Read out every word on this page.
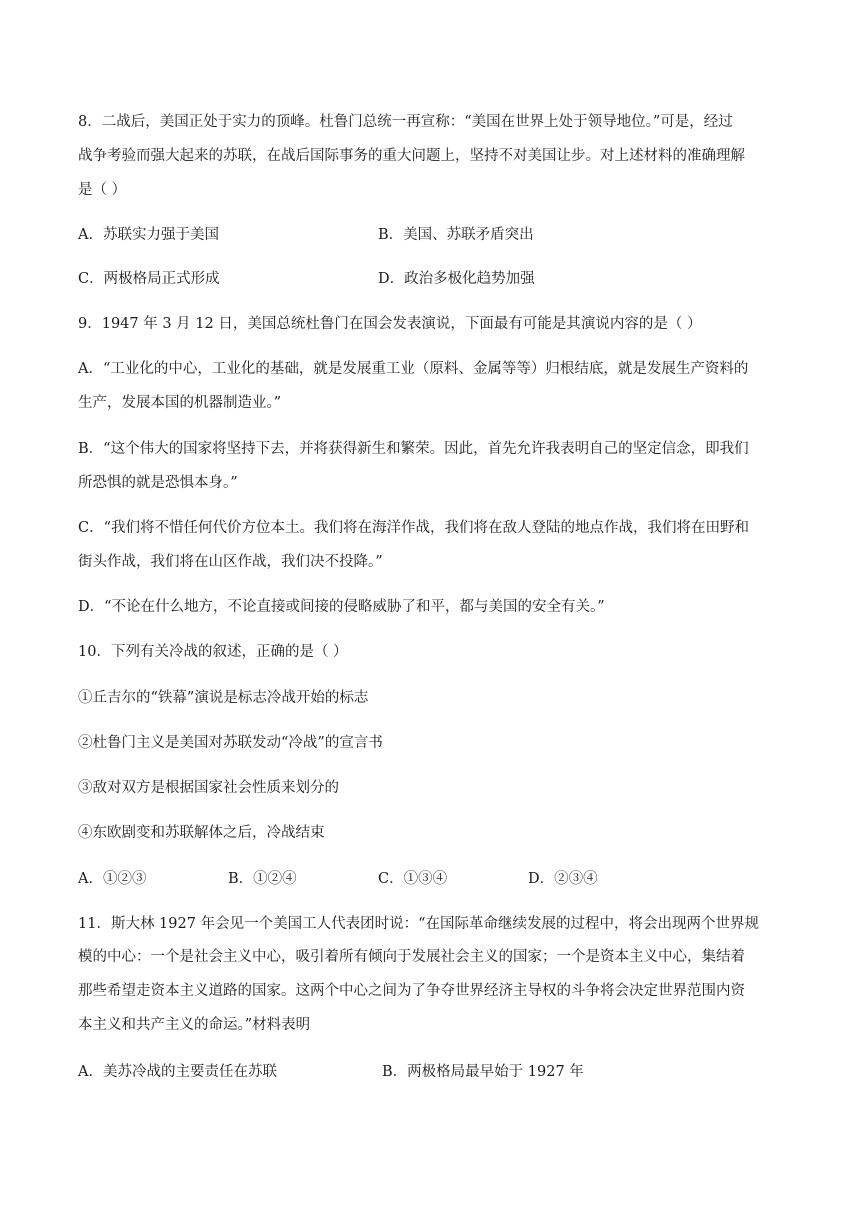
8．二战后，美国正处于实力的顶峰。杜鲁门总统一再宣称：“美国在世界上处于领导地位。”可是，经过
战争考验而强大起来的苏联，在战后国际事务的重大问题上，坚持不对美国让步。对上述材料的准确理解
是（ ）
A．苏联实力强于美国	B．美国、苏联矛盾突出
C．两极格局正式形成	D．政治多极化趋势加强
9．1947 年 3 月 12 日，美国总统杜鲁门在国会发表演说，下面最有可能是其演说内容的是（ ）
A．“工业化的中心，工业化的基础，就是发展重工业（原料、金属等等）归根结底，就是发展生产资料的
生产，发展本国的机器制造业。”
B．“这个伟大的国家将坚持下去，并将获得新生和繁荣。因此，首先允许我表明自己的坚定信念，即我们
所恐惧的就是恐惧本身。”
C．“我们将不惜任何代价方位本土。我们将在海洋作战，我们将在敌人登陆的地点作战，我们将在田野和
街头作战，我们将在山区作战，我们决不投降。”
D．“不论在什么地方，不论直接或间接的侵略威胁了和平，都与美国的安全有关。”
10．下列有关冷战的叙述，正确的是（ ）
①丘吉尔的“铁幕”演说是标志冷战开始的标志
②杜鲁门主义是美国对苏联发动“冷战”的宣言书
③敌对双方是根据国家社会性质来划分的
④东欧剧变和苏联解体之后，冷战结束
A．①②③	B．①②④	C．①③④	D．②③④
11．斯大林 1927 年会见一个美国工人代表团时说：“在国际革命继续发展的过程中，将会出现两个世界规
模的中心：一个是社会主义中心，吸引着所有倾向于发展社会主义的国家；一个是资本主义中心，集结着
那些希望走资本主义道路的国家。这两个中心之间为了争夺世界经济主导权的斗争将会决定世界范围内资
本主义和共产主义的命运。”材料表明
A．美苏冷战的主要责任在苏联	B．两极格局最早始于 1927 年
